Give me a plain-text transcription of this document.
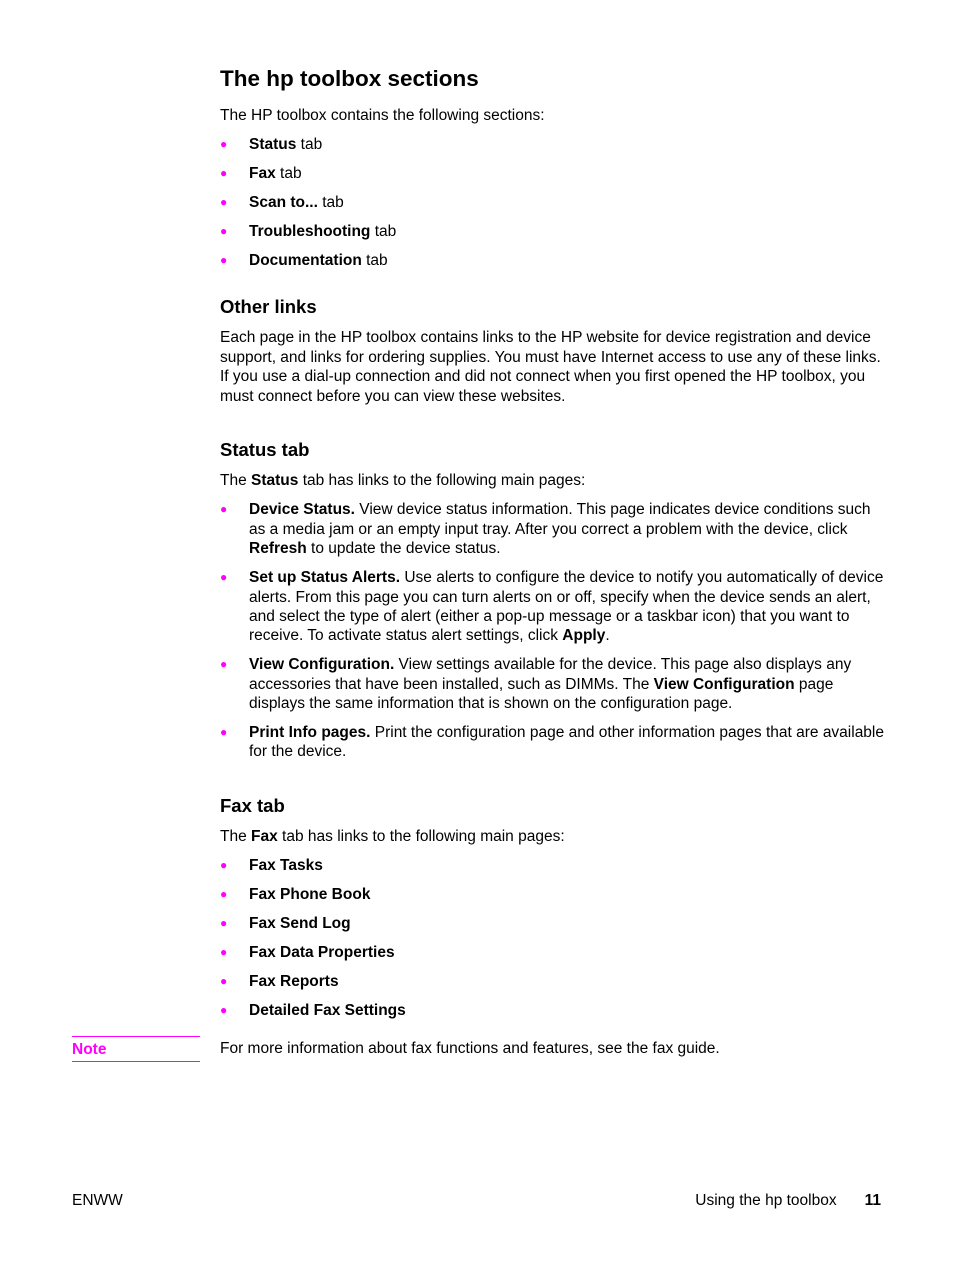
The hp toolbox sections

The HP toolbox contains the following sections:

● Status tab
● Fax tab
● Scan to... tab
● Troubleshooting tab
● Documentation tab
Other links

Each page in the HP toolbox contains links to the HP website for device registration and device support, and links for ordering supplies. You must have Internet access to use any of these links. If you use a dial-up connection and did not connect when you first opened the HP toolbox, you must connect before you can view these websites.

Status tab

The Status tab has links to the following main pages:

● Device Status. View device status information. This page indicates device conditions such as a media jam or an empty input tray. After you correct a problem with the device, click Refresh to update the device status.
● Set up Status Alerts. Use alerts to configure the device to notify you automatically of device alerts. From this page you can turn alerts on or off, specify when the device sends an alert, and select the type of alert (either a pop-up message or a taskbar icon) that you want to receive. To activate status alert settings, click Apply.
● View Configuration. View settings available for the device. This page also displays any accessories that have been installed, such as DIMMs. The View Configuration page displays the same information that is shown on the configuration page.
● Print Info pages. Print the configuration page and other information pages that are available for the device.
Fax tab

The Fax tab has links to the following main pages:

● Fax Tasks
● Fax Phone Book
● Fax Send Log
● Fax Data Properties
● Fax Reports
● Detailed Fax Settings
Note	For more information about fax functions and features, see the fax guide.
ENWW	Using the hp toolbox 11
